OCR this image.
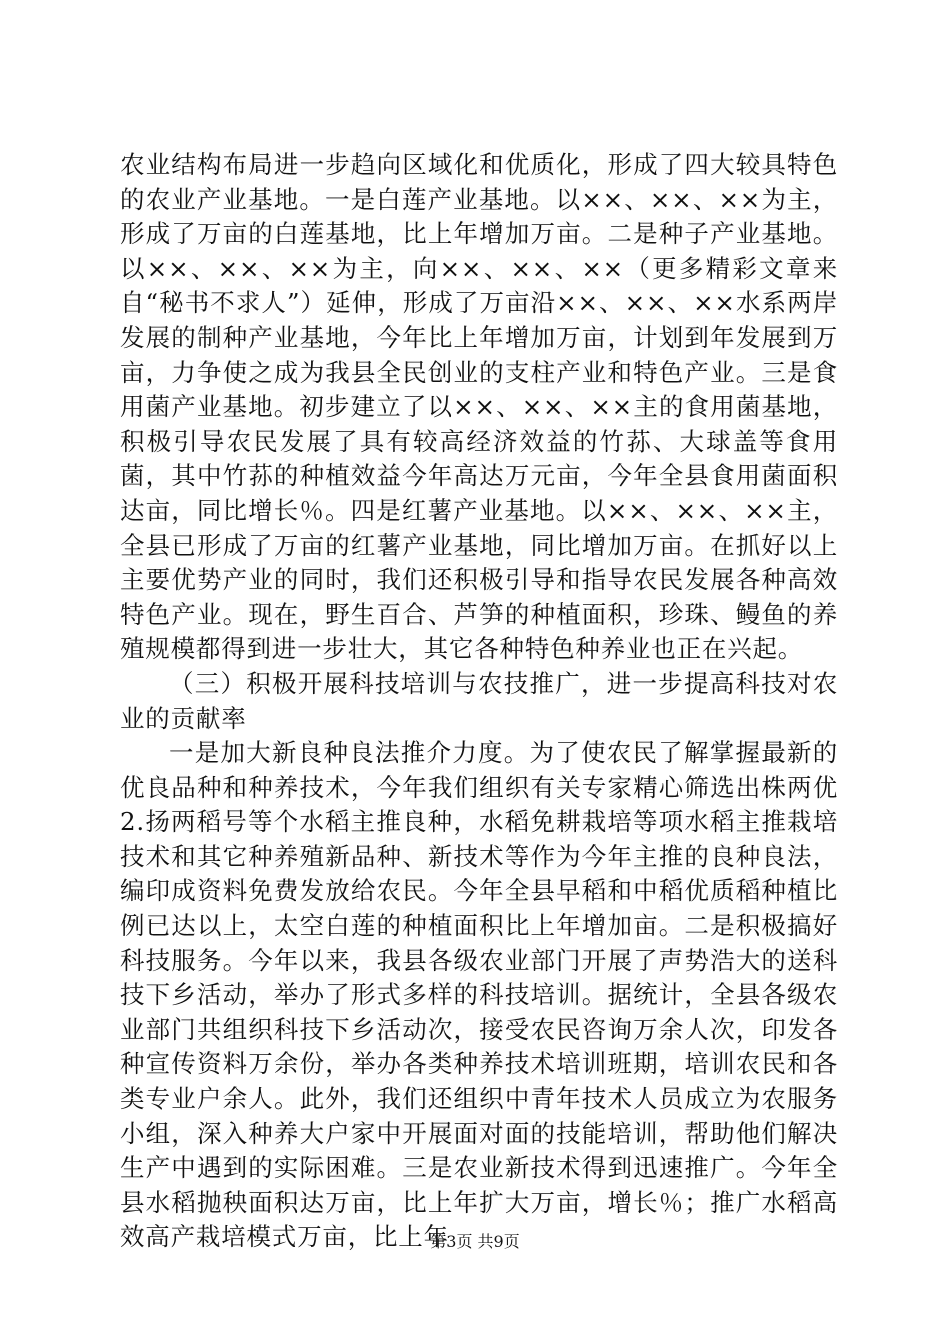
农业结构布局进一步趋向区域化和优质化，形成了四大较具特色的农业产业基地。一是白莲产业基地。以××、××、××为主，形成了万亩的白莲基地，比上年增加万亩。二是种子产业基地。以××、××、××为主，向××、××、××（更多精彩文章来自“秘书不求人”）延伸，形成了万亩沿××、××、××水系两岸发展的制种产业基地，今年比上年增加万亩，计划到年发展到万亩，力争使之成为我县全民创业的支柱产业和特色产业。三是食用菌产业基地。初步建立了以××、××、××主的食用菌基地，积极引导农民发展了具有较高经济效益的竹荪、大球盖等食用菌，其中竹荪的种植效益今年高达万元亩，今年全县食用菌面积达亩，同比增长％。四是红薯产业基地。以××、××、××主，全县已形成了万亩的红薯产业基地，同比增加万亩。在抓好以上主要优势产业的同时，我们还积极引导和指导农民发展各种高效特色产业。现在，野生百合、芦笋的种植面积，珍珠、鳗鱼的养殖规模都得到进一步壮大，其它各种特色种养业也正在兴起。

（三）积极开展科技培训与农技推广，进一步提高科技对农业的贡献率

一是加大新良种良法推介力度。为了使农民了解掌握最新的优良品种和种养技术，今年我们组织有关专家精心筛选出株两优2.扬两稻号等个水稻主推良种，水稻免耕栽培等项水稻主推栽培技术和其它种养殖新品种、新技术等作为今年主推的良种良法，编印成资料免费发放给农民。今年全县早稻和中稻优质稻种植比例已达以上，太空白莲的种植面积比上年增加亩。二是积极搞好科技服务。今年以来，我县各级农业部门开展了声势浩大的送科技下乡活动，举办了形式多样的科技培训。据统计，全县各级农业部门共组织科技下乡活动次，接受农民咨询万余人次，印发各种宣传资料万余份，举办各类种养技术培训班期，培训农民和各类专业户余人。此外，我们还组织中青年技术人员成立为农服务小组，深入种养大户家中开展面对面的技能培训，帮助他们解决生产中遇到的实际困难。三是农业新技术得到迅速推广。今年全县水稻抛秧面积达万亩，比上年扩大万亩，增长％；推广水稻高效高产栽培模式万亩，比上年

第3页 共9页
